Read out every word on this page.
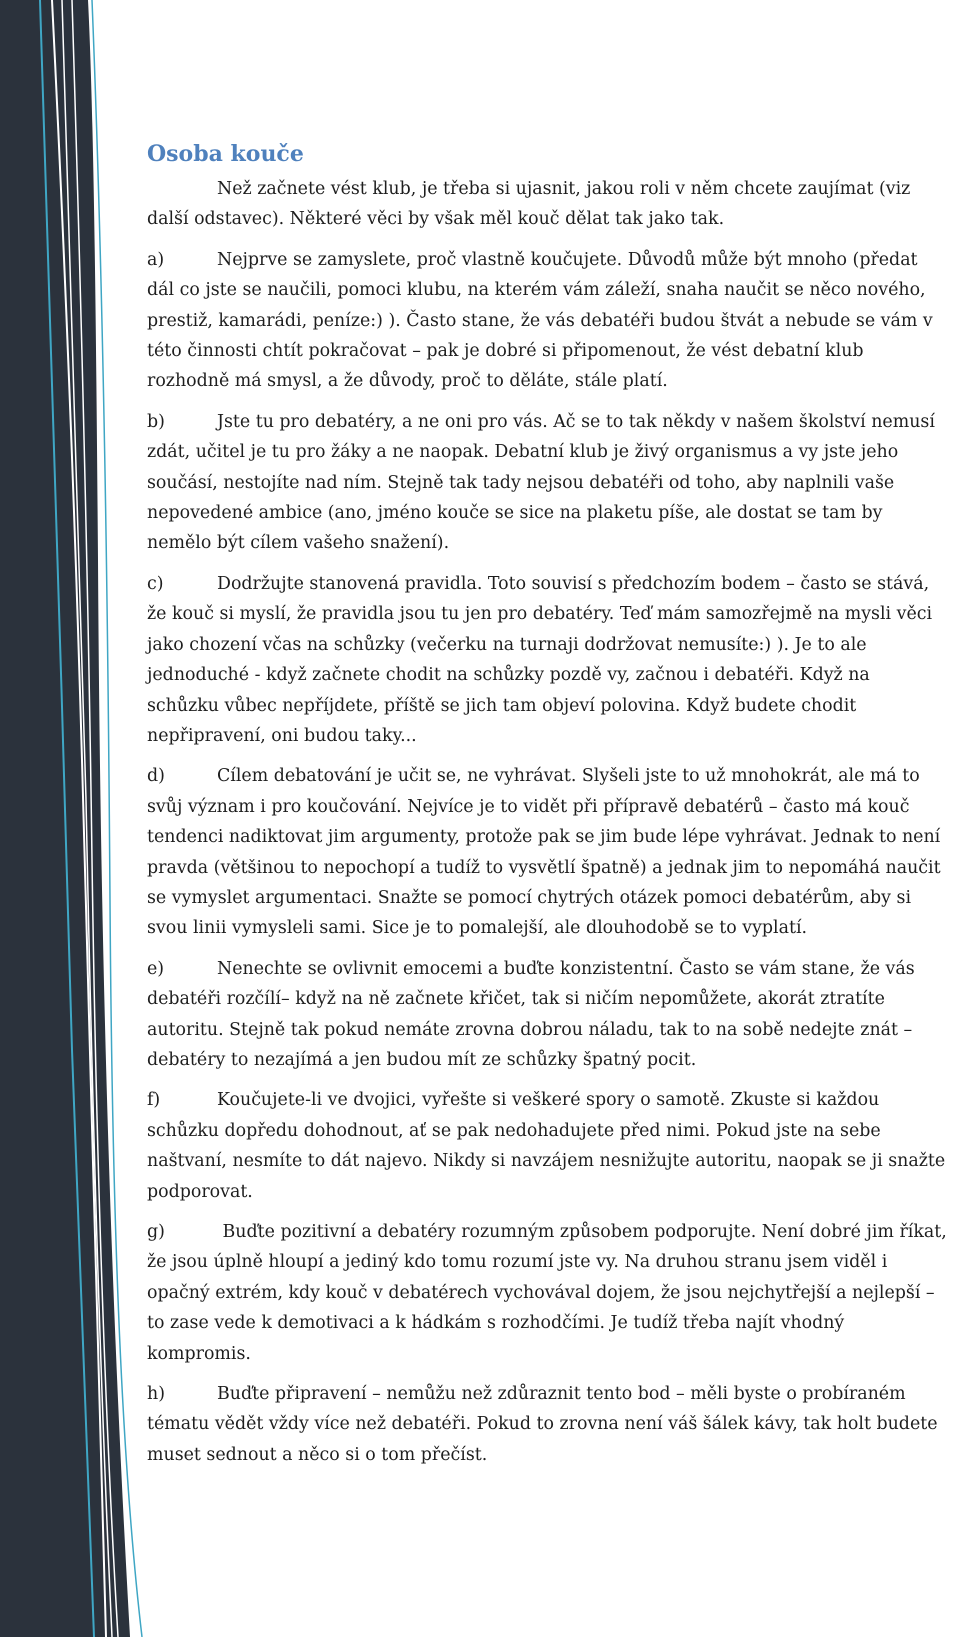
Osoba kouče

Než začnete vést klub, je třeba si ujasnit, jakou roli v něm chcete zaujímat (viz další odstavec). Některé věci by však měl kouč dělat tak jako tak.

a)	Nejprve se zamyslete, proč vlastně koučujete. Důvodů může být mnoho (předat dál co jste se naučili, pomoci klubu, na kterém vám záleží, snaha naučit se něco nového, prestiž, kamarádi, peníze:) ). Často stane, že vás debatéři budou štvát a nebude se vám v této činnosti chtít pokračovat – pak je dobré si připomenout, že vést debatní klub rozhodně má smysl, a že důvody, proč to děláte, stále platí.

b)	Jste tu pro debatéry, a ne oni pro vás. Ač se to tak někdy v našem školství nemusí zdát, učitel je tu pro žáky a ne naopak. Debatní klub je živý organismus a vy jste jeho součásí, nestojíte nad ním. Stejně tak tady nejsou debatéři od toho, aby naplnili vaše nepovedené ambice (ano, jméno kouče se sice na plaketu píše, ale dostat se tam by nemělo být cílem vašeho snažení).

c)	Dodržujte stanovená pravidla. Toto souvisí s předchozím bodem – často se stává, že kouč si myslí, že pravidla jsou tu jen pro debatéry. Teď mám samozřejmě na mysli věci jako chození včas na schůzky (večerku na turnaji dodržovat nemusíte:) ). Je to ale jednoduché - když začnete chodit na schůzky pozdě vy, začnou i debatéři. Když na schůzku vůbec nepříjdete, příště se jich tam objeví polovina. Když budete chodit nepřipravení, oni budou taky...

d)	Cílem debatování je učit se, ne vyhrávat. Slyšeli jste to už mnohokrát, ale má to svůj význam i pro koučování. Nejvíce je to vidět při přípravě debatérů – často má kouč tendenci nadiktovat jim argumenty, protože pak se jim bude lépe vyhrávat. Jednak to není pravda (většinou to nepochopí a tudíž to vysvětlí špatně) a jednak jim to nepomáhá naučit se vymyslet argumentaci. Snažte se pomocí chytrých otázek pomoci debatérům, aby si svou linii vymysleli sami. Sice je to pomalejší, ale dlouhodobě se to vyplatí.

e)	Nenechte se ovlivnit emocemi a buďte konzistentní. Často se vám stane, že vás debatéři rozčílí– když na ně začnete křičet, tak si ničím nepomůžete, akorát ztratíte autoritu. Stejně tak pokud nemáte zrovna dobrou náladu, tak to na sobě nedejte znát – debatéry to nezajímá a jen budou mít ze schůzky špatný pocit.

f)	Koučujete-li ve dvojici, vyřešte si veškeré spory o samotě. Zkuste si každou schůzku dopředu dohodnout, ať se pak nedohadujete před nimi. Pokud jste na sebe naštvaní, nesmíte to dát najevo. Nikdy si navzájem nesnižujte autoritu, naopak se ji snažte podporovat.

g)	Buďte pozitivní a debatéry rozumným způsobem podporujte. Není dobré jim říkat, že jsou úplně hloupí a jediný kdo tomu rozumí jste vy. Na druhou stranu jsem viděl i opačný extrém, kdy kouč v debatérech vychovával dojem, že jsou nejchytřejší a nejlepší – to zase vede k demotivaci a k hádkám s rozhodčími. Je tudíž třeba najít vhodný kompromis.

h)	Buďte připravení – nemůžu než zdůraznit tento bod – měli byste o probíraném tématu vědět vždy více než debatéři. Pokud to zrovna není váš šálek kávy, tak holt budete muset sednout a něco si o tom přečíst.
